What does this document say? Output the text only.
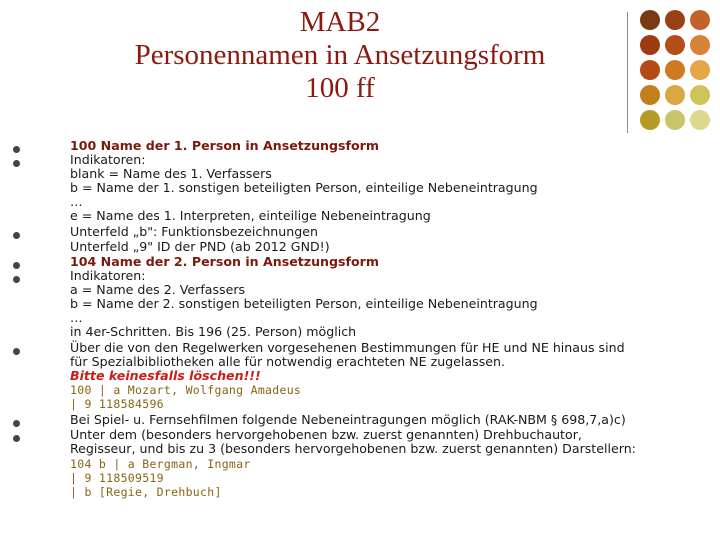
MAB2
Personennamen in Ansetzungsform
100 ff
100 Name der 1. Person in Ansetzungsform
Indikatoren:
blank = Name des 1. Verfassers
b = Name der 1. sonstigen beteiligten Person, einteilige Nebeneintragung
…
e = Name des 1. Interpreten, einteilige Nebeneintragung
Unterfeld „b": Funktionsbezeichnungen
Unterfeld „9" ID der PND (ab 2012 GND!)
104 Name der 2. Person in Ansetzungsform
Indikatoren:
a = Name des 2. Verfassers
b = Name der 2. sonstigen beteiligten Person, einteilige Nebeneintragung
…
in 4er-Schritten. Bis 196 (25. Person) möglich
Über die von den Regelwerken vorgesehenen Bestimmungen für HE und NE hinaus sind
für Spezialbibliotheken alle für notwendig erachteten NE zugelassen.
Bitte keinesfalls löschen!!!
100 | a Mozart, Wolfgang Amadeus
| 9 118584596
Bei Spiel- u. Fernsehfilmen folgende Nebeneintragungen möglich (RAK-NBM § 698,7,a)c)
Unter dem (besonders hervorgehobenen bzw. zuerst genannten) Drehbuchautor,
Regisseur, und bis zu 3 (besonders hervorgehobenen bzw. zuerst genannten) Darstellern:
104 b | a Bergman, Ingmar
| 9 118509519
| b [Regie, Drehbuch]
